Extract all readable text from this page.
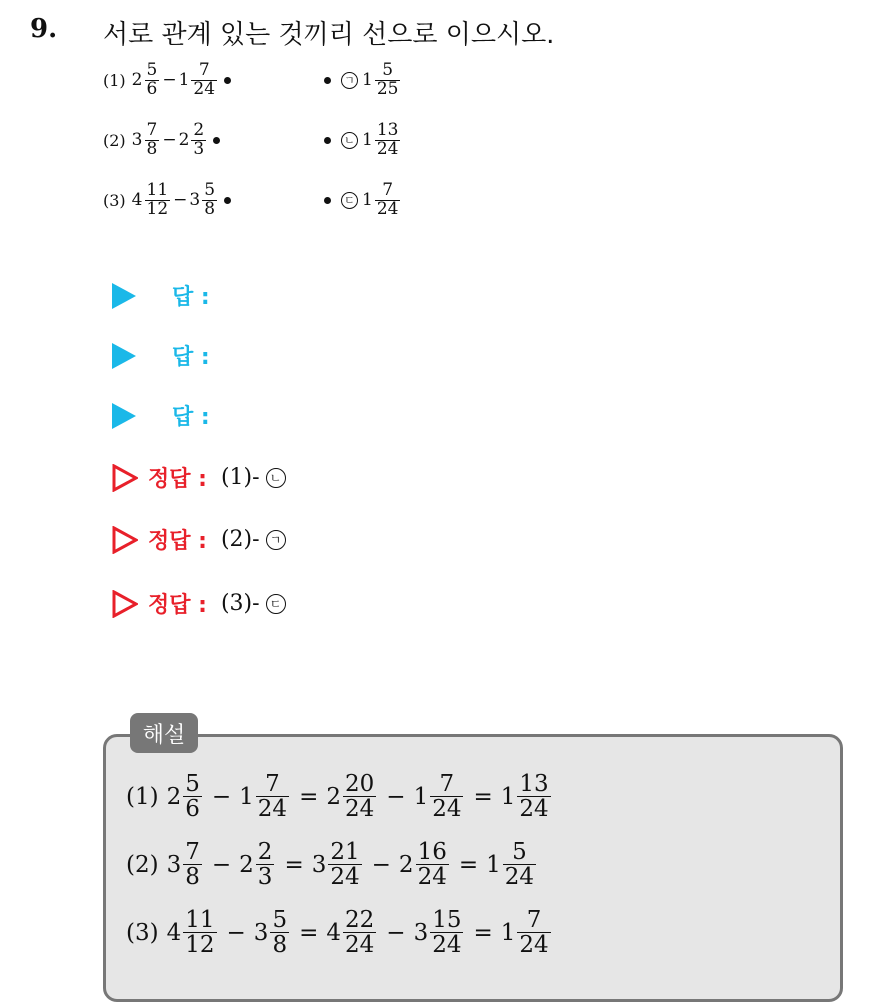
9. 서로 관계 있는 것끼리 선으로 이으시오.
(1) $2 \frac{5}{6} - 1 \frac{7}{24}$
(2) $3 \frac{7}{8} - 2 \frac{2}{3}$
(3) $4 \frac{11}{12} - 3 \frac{5}{8}$
ㄱ $1 \frac{5}{25}$
ㄴ $1 \frac{13}{24}$
ㄷ $1 \frac{7}{24}$
답 :
답 :
답 :
정답 : (1)- ㄴ
정답 : (2)- ㄱ
정답 : (3)- ㄷ
해설
(1) $2 \frac{5}{6} - 1 \frac{7}{24} = 2 \frac{20}{24} - 1 \frac{7}{24} = 1 \frac{13}{24}$
(2) $3 \frac{7}{8} - 2 \frac{2}{3} = 3 \frac{21}{24} - 2 \frac{16}{24} = 1 \frac{5}{24}$
(3) $4 \frac{11}{12} - 3 \frac{5}{8} = 4 \frac{22}{24} - 3 \frac{15}{24} = 1 \frac{7}{24}$
